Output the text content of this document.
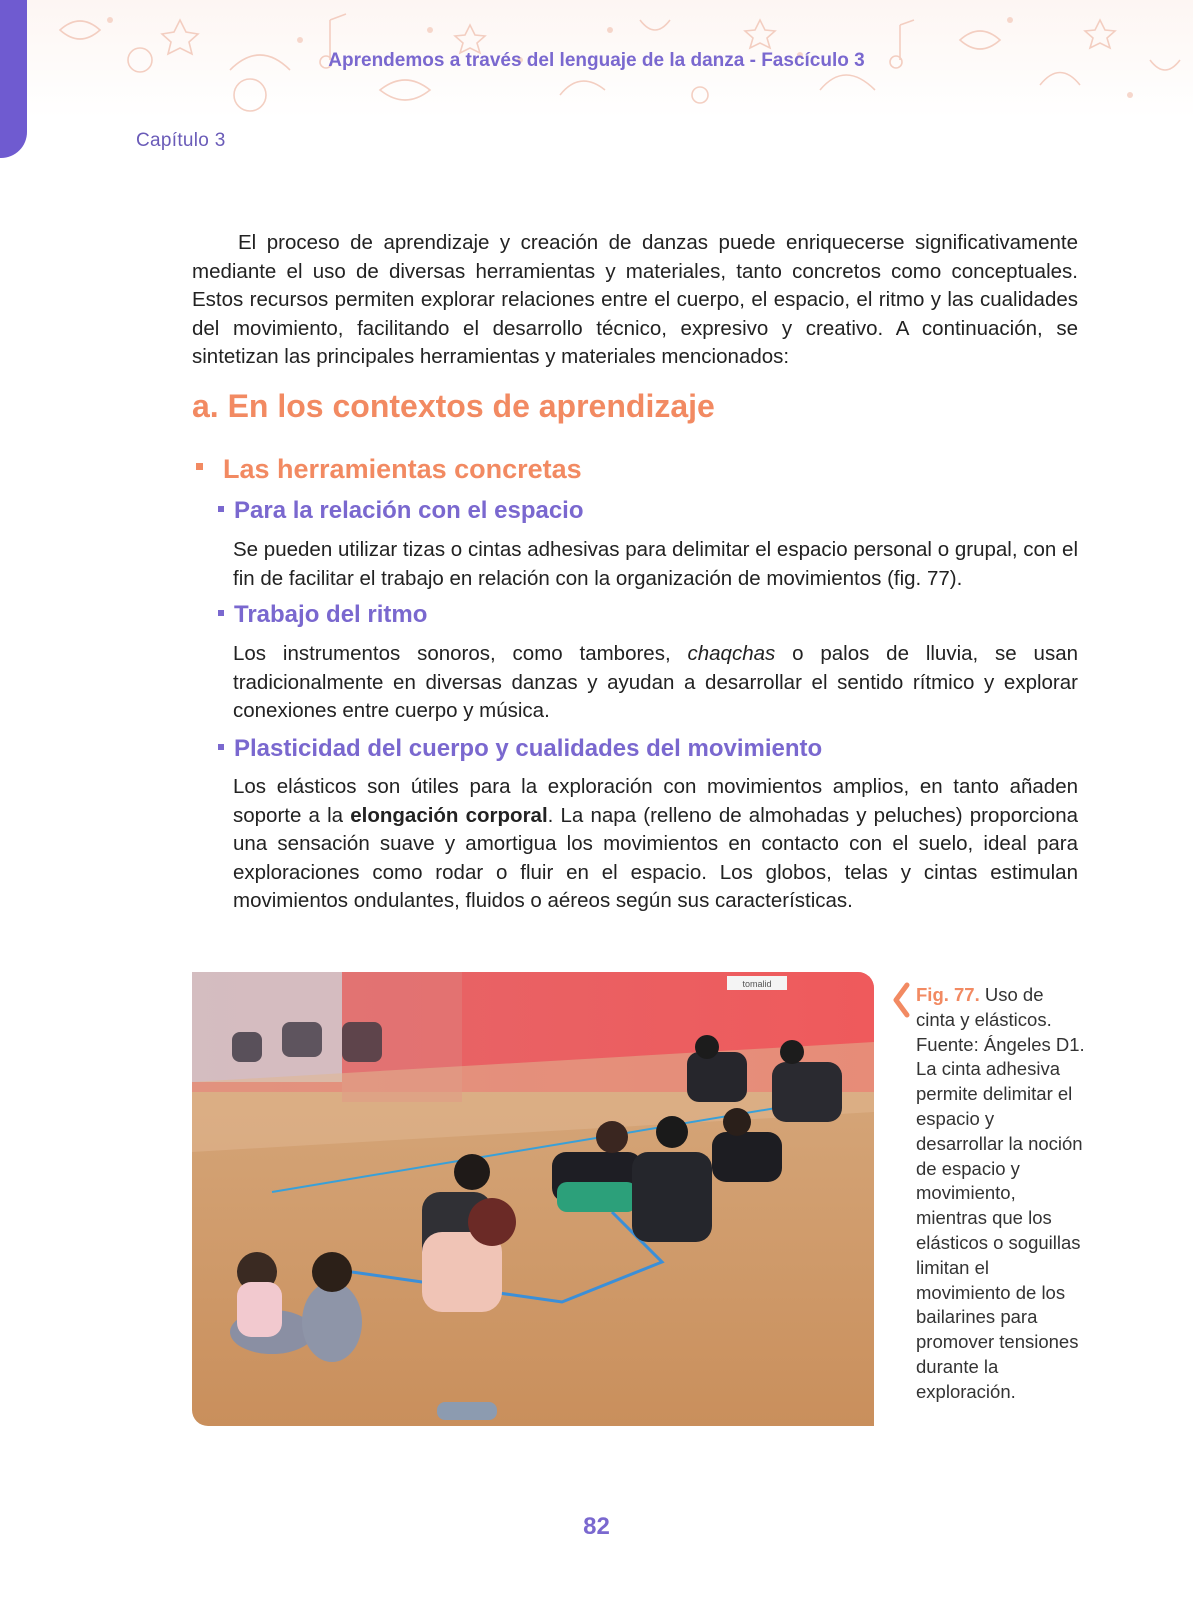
Aprendemos a través del lenguaje de la danza - Fascículo 3
Capítulo 3
El proceso de aprendizaje y creación de danzas puede enriquecerse significativamente mediante el uso de diversas herramientas y materiales, tanto concretos como conceptuales. Estos recursos permiten explorar relaciones entre el cuerpo, el espacio, el ritmo y las cualidades del movimiento, facilitando el desarrollo técnico, expresivo y creativo. A continuación, se sintetizan las principales herramientas y materiales mencionados:
a. En los contextos de aprendizaje
Las herramientas concretas
Para la relación con el espacio
Se pueden utilizar tizas o cintas adhesivas para delimitar el espacio personal o grupal, con el fin de facilitar el trabajo en relación con la organización de movimientos (fig. 77).
Trabajo del ritmo
Los instrumentos sonoros, como tambores, chaqchas o palos de lluvia, se usan tradicionalmente en diversas danzas y ayudan a desarrollar el sentido rítmico y explorar conexiones entre cuerpo y música.
Plasticidad del cuerpo y cualidades del movimiento
Los elásticos son útiles para la exploración con movimientos amplios, en tanto añaden soporte a la elongación corporal. La napa (relleno de almohadas y peluches) proporciona una sensación suave y amortigua los movimientos en contacto con el suelo, ideal para exploraciones como rodar o fluir en el espacio. Los globos, telas y cintas estimulan movimientos ondulantes, fluidos o aéreos según sus características.
tomalid	Fig. 77. Uso de cinta y elásticos. Fuente: Ángeles D1.
La cinta adhesiva permite delimitar el espacio y desarrollar la noción de espacio y movimiento, mientras que los elásticos o soguillas limitan el movimiento de los bailarines para promover tensiones durante la exploración.
82
